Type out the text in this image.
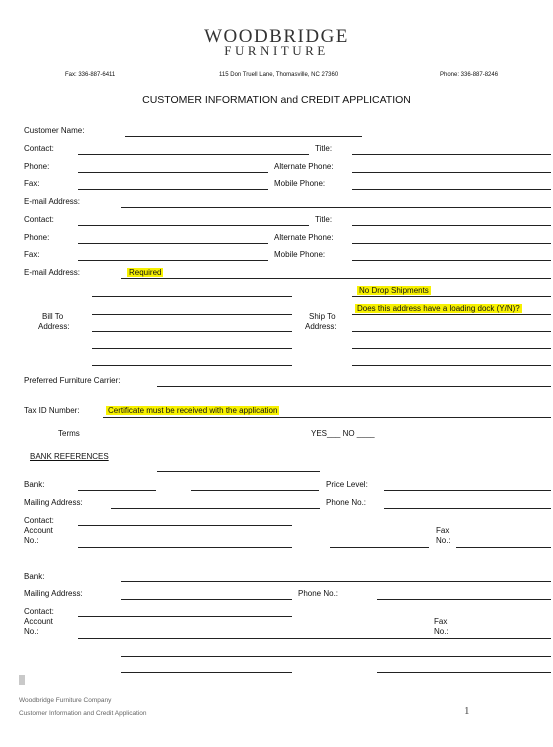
WOODBRIDGE
FURNITURE
Fax: 336-887-6411	115 Don Truell Lane, Thomasville, NC 27360	Phone: 336-887-8246
CUSTOMER INFORMATION and CREDIT APPLICATION
Customer Name:
Contact:	Title:
Phone:	Alternate Phone:
Fax:	Mobile Phone:
E-mail Address:
Contact:	Title:
Phone:	Alternate Phone:
Fax:	Mobile Phone:
E-mail Address:	Required
No Drop Shipments
Does this address have a loading dock (Y/N)?
Bill To
Address:
Ship To
Address:
Preferred Furniture Carrier:
Tax ID Number:	Certificate must be received with the application
Terms	YES___ NO ____
BANK REFERENCES
Bank:	Price Level:
Mailing Address:	Phone No.:
Contact:
Account
No.:
Fax
No.:
Bank:
Mailing Address:	Phone No.:
Contact:
Account
No.:
Fax
No.:
Woodbridge Furniture Company
Customer Information and Credit Application	1
